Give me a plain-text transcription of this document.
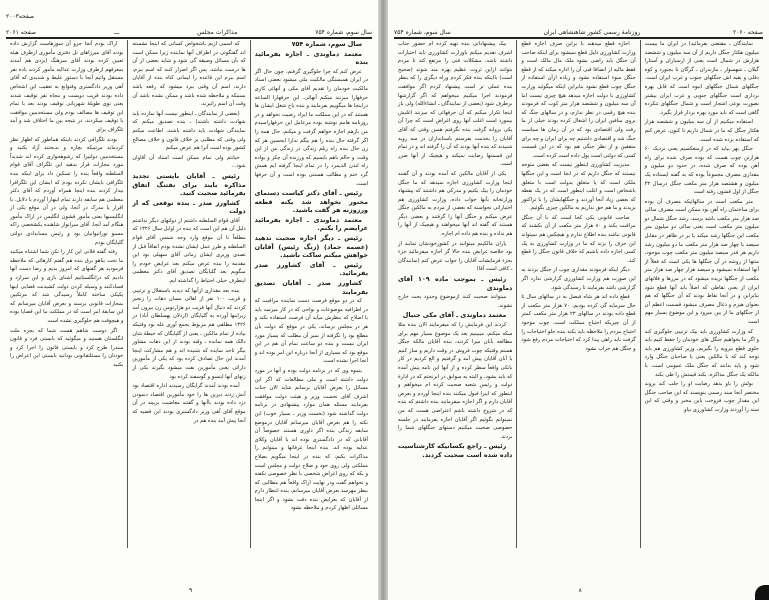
۲۰۰۳صفحه
سال سوم، شماره ۷۵۴
مذاکرات مجلس
ـــ
صفحه ۲۰۶۱

سال سوم، شماره ۷۵۴

معتمد دماوندی ـ اجازه بفرمائید بنده

عرض کنم که چرا جلوگیری گرفتم، چون حال اگر در ایران همبستگی مالکیت ملی میشود بعضی اسناد مالکیت خودمان را تقدیم آقای مکی و آنهائی کاری حرفهارا میزنند میکنم آنهائی. این حرفهارا الساعه دراینجا ها میگوییم بفرمایند و بنده یاخ شغل ایشان ها هستند که در این مملکت ما ایراد رضیت نخواهد و در روزنامه هامم نوشته بوده مرعامل این حرفهاراسیدم من بازهم اجازه خواهم گرفت و میکنم، حال همه را اگر گرفته حال بنده را هم بیگم ندارا ایحسین هر که زن حال بنده راه ریلم زندگی در زندگی من از این وقت، و حالم باهم بایسیم که ورزنده آن چکر و بواده راه لندن الذیمرد را در تمام اینجا گرفته ایم همش گرد ختم و مطالب هستنی بوده است و آن حرفها است.

رئیس ـ آقای دکتر کیاست دستمای محنور نخواهد شد یکنه قطعه ورزوزنه هر گفت باشید.

معتمد دماوندی ـ اجازه بفرمائید عرایضم را بکنم.

رئیس ـ دیگر اجازه صحبت ندهید (عصمه حماد) (زنگ رئیس) آقایان خواهش میکنم ساکت باشید.

رئیس ـ آقای کشاورز صدر بفرمائید.

کشاورز صدر ـ آقایان تصدیق بفرمایند

که در دو موقع فرصت دست نماینده مراقبت که در اطرافیه موضوعات و نواحی که در کار میرسد باید با اصلاح که بنظرش میآید آن فرصت استفاده بکند و هر در مجلس برساند، یکی در موقع که دولت بآن مطلع بود را نگرفته از نمیر آن مطلب که بسیار مورد ایران نیست و بنده دو ساعت تمام آن هم در این موقع بود که بسیاری از آنجا درباره این امر بوده اند و آنجا اجرا نشده است.

بنموه وی که در برنامه دولت بوده و آنها در مورد دولت داشته است و ملی مطالعات که اگر این مسائل را بعرض آقایان برسانم شاید الان جناب اشرف آقای نخست وزیر و هیئت دولت موافقت بفرمایند مسئله همان موارد پیشنهادی در برنامه دولت گذاشته شود (نخست وزیر ـ بسیار خوب) این نکته را هم بعرض آقایان میرسانم آقایان درموضع سابقه زندگی بنده اگر داوری هستند خصوصاً آن آقایانی که در دادگستری بوده اند با آقایان وکلای عدلیه بوده اند، بنده اینجا عرفانها و میتوانم را مذاکرات بکنم، که بنده در اینجا میگویم بصلاح مملکتی ولی روی خود و صلاح دولت و مجلس است و بکه که روی اغراض شخصی با نظر خصوصی نکفته و نخواهم گفت ودر نهایت ازاک واقعاً هم مطالبی که بنظر مهرسد بعرض آقایان میرسانم، بنده انتظار دارم از آقایان که بعرایض بنده دقت بشود و اگر اینجا مسائلی اظهار کردم و ملاحظه بشود

که اسمی ازیم باشخواص کسانی که اینجا نشسته اند گفتگوئی در اطراف آنها نماینده زیرا ممکن است که بآن مسائل وصیقه گی شود و شاید بعضی از آن ها درست نباشد. پس اگر اصرار کنند که اسم ببرم، اسم ببرم این قاعده را لیمانی کتاه بنده از آقایان دارند، اسم آن وقتی ببرد میشود که رقعه باشد بسمکه و ملاحظه شده باشد و ممکن نشده باشد آن وقت آن اسم راتیرند.

(بعضی از نمایندگان ـ اینطور نیست آنها نمازده باید شهادت داشته باشند) ـ بنده تصدیق میکنم که نمایندگی شهادت باید داشته باشند، اطاعت میکنم ولی وقتی که مطلبی بر خلاف قانون و خلاف مصالح کشور بوده است آنرا هم عرض میکنم

خیانتم ولی تمام ممکن است اسناد آن آقاوان شود...

رئیس ـ آقایان بایستی تجدید مذاکره بایند برای نفتنگ اتفاق بفرمائید صحبت کنید.

کشاورز صدر ـ بنده توقعی که از دولت

آقای قوام السلطنه داشتم از دولتهای دیگر نداشتم دلیل آن هم این است که بنده در اوایل سال ۱۳۲۶ که مطلعاً تا آن موقع وارد وجه شمس آقای قوام السلطنه و طرز عمل ایشان نشده بودم اتفاقاً قبل از تصدی وزیری ایشان زمانی آقای سهیلی بود این مقدمه را بنده عرض میکنم بعد عرایض خودم را میگویم بعد گلپایگان تصدیق آقای دکتر معظمی اینطرف خیلی احتیاط را گذاشته ایم.

بنده بعد مقداری ازآنها که دیدید باستقلال و ترتیبی و قریب ۱۰۰ نفر از اهالی مسان دهات را زنجیر کردند که دنبال آنها قریب دو هزارتومن زن بیرون آمد زیراینها آورده به گلپایگان (ازدلان بهسلطان آباد) در ۱۳۲۶ مطلقی هم مربوط بجمع آوری غله بود وقتیکه بیاده از تمام مالکین ـ یعنی از گلپایگان که حیطهٔ شان دالک همه نمانده ـ وقته بودند از این دهات مشاور بیگر تاحد نمایده که شنیده اند و هم مشارکت اینجا آمدند این حال تصادف کرده بود که یکی از مأمورین دارائی یعنی مأمورین نفت میشود بگیرند یکی از زنهای آنها اینسو و گوسفند کرده بود

آمده بودند آمدند گرایگان رسیدند اداره اقتصاد بود آنش زدند دیرین ها را خود مأمورین اقتصاد دنمودن دزد داده بودند باآنها و گفتند معاضیت بربیند در آن موقع آقای آهی وزیر دادگستری بودند این قضیه که آنجا پیش آمد بنده هم در

اراک بودم آنجا جزو آن سوزهاست گزارش داده بودند آقای میرزاهای تل دفتری مأموری ازطرف هیئه تعیین کرده بودند آقای سرهنگ ایزدی هم آمدند بمعرفهم ازطرف وزارت عدالیه مأمور کردند باده نفر مستقل واتیم آنجا با دستور غلیظ و شدیدی که آقای آهی وزیر دادگستری وقتوانع به تعقیب این اشخاص داده بودند قریب دویست و بنجاه نفر توقیف شدند یعنی توی طویلهٔ شهربانی توقیف بودند بعد با تمام این توقیف ها مصالف بودم ولی مستخدمین موافقت با توقیف میکردند، در نتیجه بین ما اختلاف شد و آمد تلگراف برای

بودند تلگرافی کردند باینکه هماطور که اظهار نظر کردماید مرتبیکه بچاره و بدبختند آزاد بکنید و مستخدمین دولتیرا که رشوهخواری کرده اند شدیداً مورد مجازات قرار بدهید این تلگراف آقای قوام السلطنه واقعاً بنده را تسکین داد برای اینکه بنده تلگرافی بایشان نکرده بودم که ایشان این تلگرافرا بیدار کردند بنده اینجا همراه آوردم که آقای دکتر معظمی هم سابقه دارند تمام اینهارا آوردم با دلایل. با اقرار یا مدرک در آنجا، ولی در آن موقع یکی از انگلیسیها یعنی مأمور قشون انگلیس در اراک مأمور هنگام آمد آنجا، آقای سرانوار شاهنده یکشخصی راکه مسیو نوراتیوانیان بود و رئیس مسابدادی دولتی گلپایگان بودم

رفته گفته فلانی این کار را نکن شما اشتباه میکنید ما تحت بناهو برق بنده هم گفتم کارهائی که ملاحظه فرمودید هر گفتهای که امروز بدیم و رضا دست آنها دادیم که درانگلستانیم آشنای بازی و این سرازد و فسادکنند و وسیله کردن دولت کشیدنت قضایی اینها یکیکی ساخته کاملاً رسیدگی شد که مرتکبین بمجازات قانونی برسند و بعرض آقایان میرسانم که این سابقهٔ امر است که در مملکت ما این قضایا بوده و هیچوقت هم جلوگیری نشده است

اگر دوست شاهم هست شما که بجزه ملت انگلستان هستید و میگوئید که بایستی فرد و قانون سندرا طرح کرد و بایستی قانون را اجرا کرد و خودتان را مسئلتقانونی بودانید بایستی این اعراض را بکنید

۹
صفحه ۲۰۶۰
روزنامهٔ رسمی کشور شاهنشاهی ایران
سال سوم، شماره ۷۵۴

نمایندگان ـ مقتضی بفرمائید) در ایران ما بیست میلیون هکتار جنگل داریم از آن سه میلیون و ششصد هزارش در شمال است یعنی از ارسباران و آستارا گیلان ـ شهسوار ـ مازندران ـ گرگان تا بجنورد و کوه دقلی و بقیه اش جنگلهای جنوب و غرب ایران است. جنگلهای شمال جنگلهای انبوه است که قابل بهره برداری است جنگلهای جنوبی و غرب ایران بیشتر بصورت نوعی اشجار است و شمال جنگلهای تنکرده گاهی است که باید مورد بهره بردار قرار بگیرد.

استفاده میکنیم از آن سه میلیون و ششصد هزار هکتار جنگل که ما در شمال داریم تا کنون، عرض کنم که استفاده برده شده است.

جنگل بهر بیاید که در ازمتعکسیم یعنی نزدیک ۶۰ هزارتن چوب هست که بوده صرف شده برای راه آهن بوده که صرف شده، در حدود دو میلیون و مقداری مصرف مجموعاً بوده که به گفته ایستاده یک میلیون و هشتصد هزار متر مکعب جنگل درسال ۳۲ جنگل از اول قشون رفته است

متر مکعب است در سالهائیکه مصرف آن بوده برای ساختمان راه آهن بود ممکن است مصرف سالی صد هزار متر مکعب باشد برسد، رشد جنگل شمال دو میلیون متر مکعب است یعنی سالی دو میلیون متر مکعب این جنگلها رشد میکند یا بر در ظاهر در مقابل سیصد یا چهار صد هزار متر مکعب ما دو میلیون رشد داریم هر قدر سیصد میلیون متر مکعب چوب موجود، منتها از روشه در آن جنگلها ها یکی است که فعلاً از آنها استفاده نمیشود و سیصد هزار چهار صد هزار متر مکعب از جنگلها بریده میشود که در مرزها و فلاتهای ایران از یعنی نقاطی که اصلاً باید آنها قطع شود بنابراین و در آنجا نقاط بودند که آن جنگلها که هم بعنوان هیزم و ذغال مصرف میشود قسمت اعظم آن از جنگلهای ما از بین میرود و این موضوع بسیار مهم است

که وزارت کشاورزی باید بیک ترتیبی جلوگیری کند و اگر ما بخواهیم جنگل های خودمان را حفظ کنیم باید جلوی قطع بیرویه را بگیریم، وزیر کشاورزی هم باید توجه کند که با مالکین یعنی با صاحبان جنگل وارد شود و باید بدانند که جنگل ملک عمومی است. با مالکه یک جنگل مذاکره، بکند قیمتش را طی بکند

بولش را باو بدهد رضایت او را جلب کند بروند مختصر آنجا سند رسمی بنویسند که این صاحب جنگل این مقدار چوب فروخت باین مخبر و وقتی که این سند را آوردند وزارت کشاورزی بیاو

اجازه قطع میدهند با براین صرف اجازه قطع وزارت کشاورزی دلیل قطع نمیشود برای اینکه صاحب آن جنگل باید راضی بشود ملک مال مالک است و فقط مالیه از انصافا قبی آن را اداره میکند که از قطع جنگل سوء استفاده نشود و زیاده ازآن استفاده از جنگل چوب قطع نشود بنابراین اینکه میگوئید وزارت کشاورزی با دولت اجازه میدهد هیچ چیزی نیست اما آن سه میلیون و ششصد هزار متر کوب که فرمودند بنده هیچ رقمی در نظر ندارم، و در سالهای جنگ که بروی منافین ایران را اشغال کرده بودند خیلی از ما رفت ولی اقتصادی بود که در آن زمان ها سیاست جنگ شد و اقتصادی داشتیم چه برای ایران و چه برای متفقین و از نظر جنگی هم بود که در این قسمت کسی که دولتی است پول داده است کرده است.

مدیریت کشاورزی اینطور نیست که بعضی متوجه نیستند که جنگل داریم که در انجا است و این جنگلها ملکی است که یا متعلق بدولت است با متعلق باشخاص است و اغلب اینطور است که در یک نقطه که بعضی زیاد آنجا آوردند و جنگلهایشان را با تراکتور بریدند و ما هم حق نداریم به مالکین چیزی بگوئیم.

صاحب قانونی یکی کجا است که با آن جنگل مراقبت بکند و ۸۰ هزار متر مکعب از آن بکشند که قانونی نباشد بنده اطلاع ندارم و هیچکس هم نمیتواند این حرف را بزند که ما در وزارت کشاورزی به یک کسی اجازه داده باشیم که خلاف قانون جنگل را قطع کند.

دیگر اینکه فرمودند مقداری چوب از جنگل بردند به این صورت هم وزارت کشاورزی گزارشی ندارد اگر گزارشی باشد بفرمایند تا رسیدگی شود.

قطع داده اند هر شاه فیصل به در سالهای سال تا حال سرمایه گی کرده بودیم، ۷۰ هزار متر مکعب از قطع داده بودند در سالهای ۲۳ هزار متر مکعب کمتر از آن چیزیکه احتیاج مملکت است، چوب موجود احتیاج مردم را ملاحظه باید بکند بنده جلو احتیاجات را گرفت باید راهی پیدا کرد که احتیاجات مردم رفع شود و جنگل هم خراب نشود

بیک پیشنهاداتی بنده تهیه کرده ام حضور جناب اشرف تقدیم میکنم باوزارت کشاورزی باید اختیارات داشته باشد، مشکلات فنی را مرتفع کند تا مردم بتوانند ازاین ثروت عظیم بهره مند شوند (صحیح است) بااینکه بنده فکر کردم وراه دیگری را که بنظر بنده عملی تر است پیشنهاد کردم اگر موافقت فرمودند اجرا میکنیم میخواهم که اگر گزارشها برطرف شود (بعضی از نمایندگان ـ انشاءالله) ولی باز اینجا تکرار میکنم که آن حرفهائی که میزنند اغلبش بیمورد است اغلب آنها روی اغراض است که چرا آن یکی بروانه گرفت بنده نگرفتم همین وقتی که آقای آقایان را بخدمت بفرستم باستانداران در سه رویه شنیدند که بنده آنها بودند که آن را گرفته اند و در تمام این قسمتها رضایت نمیکند و هیچیک از آنها ضرر است.

یکی از آقایان مالکین که آمده بودند و آن گفتند اینجا وزارت کشاورزی اجازه نمیدهد که ما جنگل خودمان را بیک بکنیم و مدرکی هم داشتند که پیشنهاد وزارتخانه بآنها جواب داده، وزارت کشاورزی هم اختیاراتی نخواسته که بعضی از مردم به مالکین جنگل عرض میکنم و جنگل آنها را گرفتند و بعضی دیگر هستند که گفته اند آنها میخواهند و هیچیک از آنها را هم نداده و بنده هم داده ام اجازه.

یاران مالکینم میتوانند در کشورخودشان تمایند از بود خلاصه عرایض بنده حالا گر اجازه میفرمائید جزء بجزء فرمایشات آقایان را جواب عرض کنم (نمایندگان ـ کافی است آقا)

رئیس ـ بموجب ماده ۱۰۹ آقای دماوندی

میتوانند صحبت کنند ازموضوع وحدود بحث خارج نشوند.

معتمد دماوندی ـ آقای مکی جنبال

کردند این فرمایش را که میفرمایند الان بنده مثلا سکه میکنم، میبینیم بعد یک موضوع بسیار مهم برای مطالعه بآنان میرا کردند، بنده آقایان مالکه جنگل هستم وقتیکه چوب فروش در وقت داریم و ساز کنیم با آنان آقایان پیش آمد و گرفتیم و الغ کردیم در کار بانکی واقعاً سطر کرده و از آنها این نامه پیش آمده که باید بشود، و البته به سوابق در ابرنجتم که در ادارهٔ دولت و رئیس شعبه صحبت کرده ام میخواهم و اینطور که اینرا قبول میکنند بنده اینجا آوردم و بعرض آقایان دارم و اگر اجازه میفرمایند بنده داشتم که بنده که در شروع داشته باشم اعتراضی هست که من نمیتوانم بگوئیم اگر آقایان اجازه بفرمایند در جلسه خصوصی صحبت میکنیم دستهای جنگلهای شما را بردند.

رئیس ـ راجع بکسانیکه کارشناسیت داده شده است صحبت کردند.

۸
